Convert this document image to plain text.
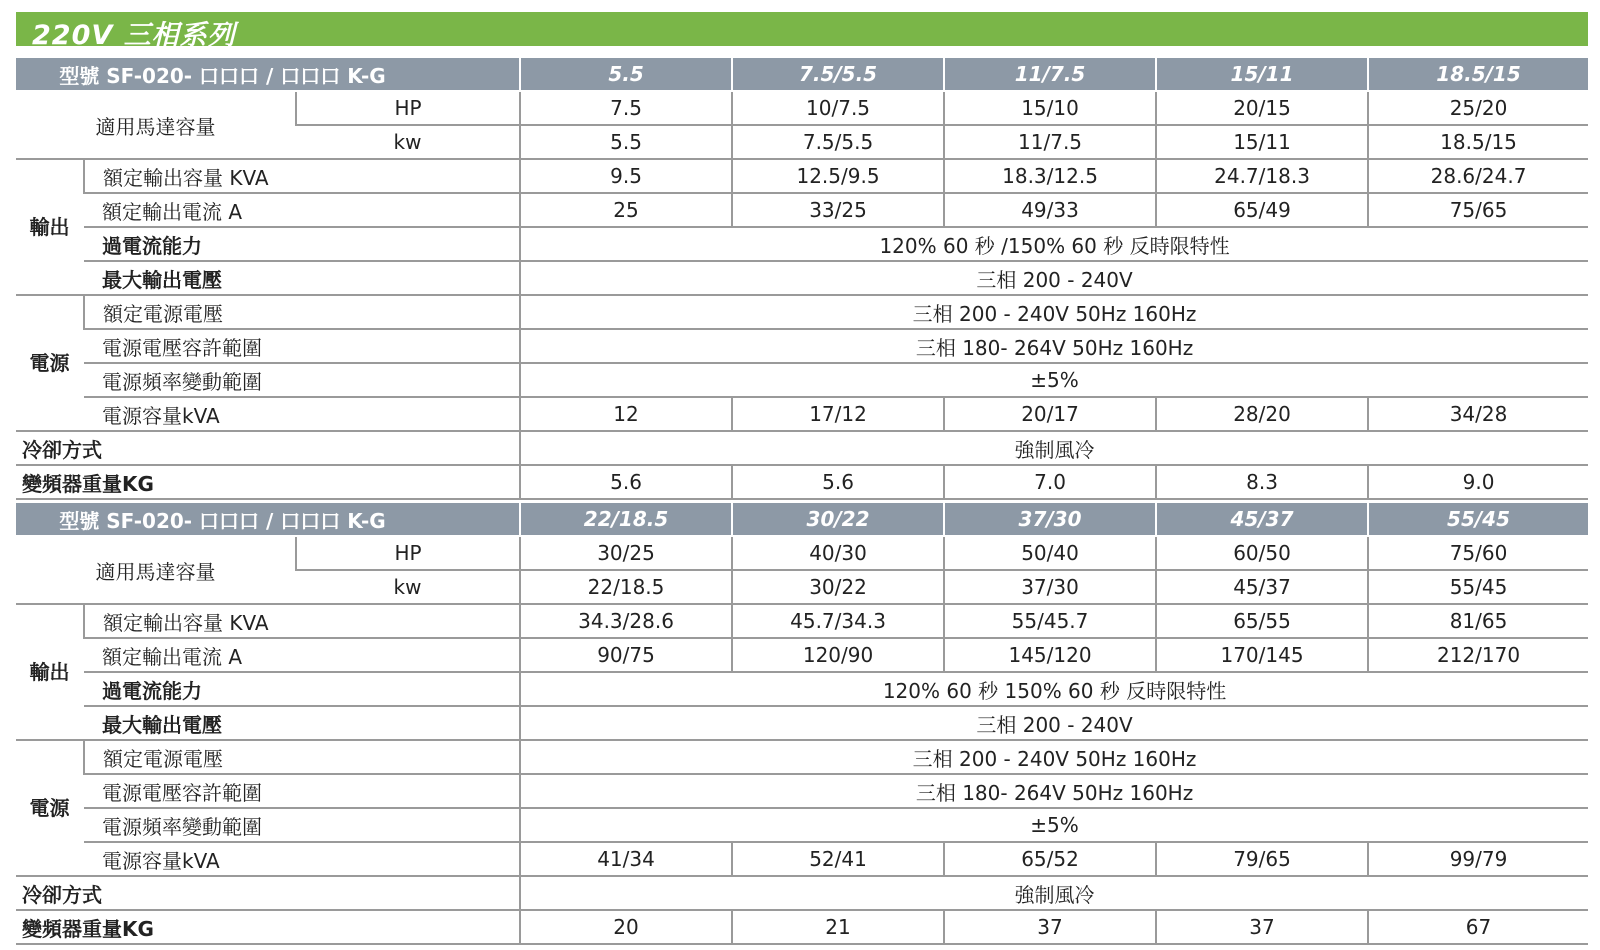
220V 三相系列
型號 SF-020- 口口口 / 口口口 K-G			5.5	7.5/5.5	11/7.5	15/11	18.5/15
適用馬達容量		HP	7.5	10/7.5	15/10	20/15	25/20
		kw	5.5	7.5/5.5	11/7.5	15/11	18.5/15
輸出	額定輸出容量 KVA		9.5	12.5/9.5	18.3/12.5	24.7/18.3	28.6/24.7
	額定輸出電流 A		25	33/25	49/33	65/49	75/65
	過電流能力		120% 60 秒 /150% 60 秒 反時限特性				
	最大輸出電壓		三相 200 - 240V				
電源	額定電源電壓		三相 200 - 240V 50Hz 160Hz				
	電源電壓容許範圍		三相 180- 264V 50Hz 160Hz				
	電源頻率變動範圍		±5%				
	電源容量kVA		12	17/12	20/17	28/20	34/28
冷卻方式			強制風冷				
變頻器重量KG			5.6	5.6	7.0	8.3	9.0
型號 SF-020- 口口口 / 口口口 K-G			22/18.5	30/22	37/30	45/37	55/45
適用馬達容量		HP	30/25	40/30	50/40	60/50	75/60
		kw	22/18.5	30/22	37/30	45/37	55/45
輸出	額定輸出容量 KVA		34.3/28.6	45.7/34.3	55/45.7	65/55	81/65
	額定輸出電流 A		90/75	120/90	145/120	170/145	212/170
	過電流能力		120% 60 秒 150% 60 秒 反時限特性				
	最大輸出電壓		三相 200 - 240V				
電源	額定電源電壓		三相 200 - 240V 50Hz 160Hz				
	電源電壓容許範圍		三相 180- 264V 50Hz 160Hz				
	電源頻率變動範圍		±5%				
	電源容量kVA		41/34	52/41	65/52	79/65	99/79
冷卻方式			強制風冷				
變頻器重量KG			20	21	37	37	67
